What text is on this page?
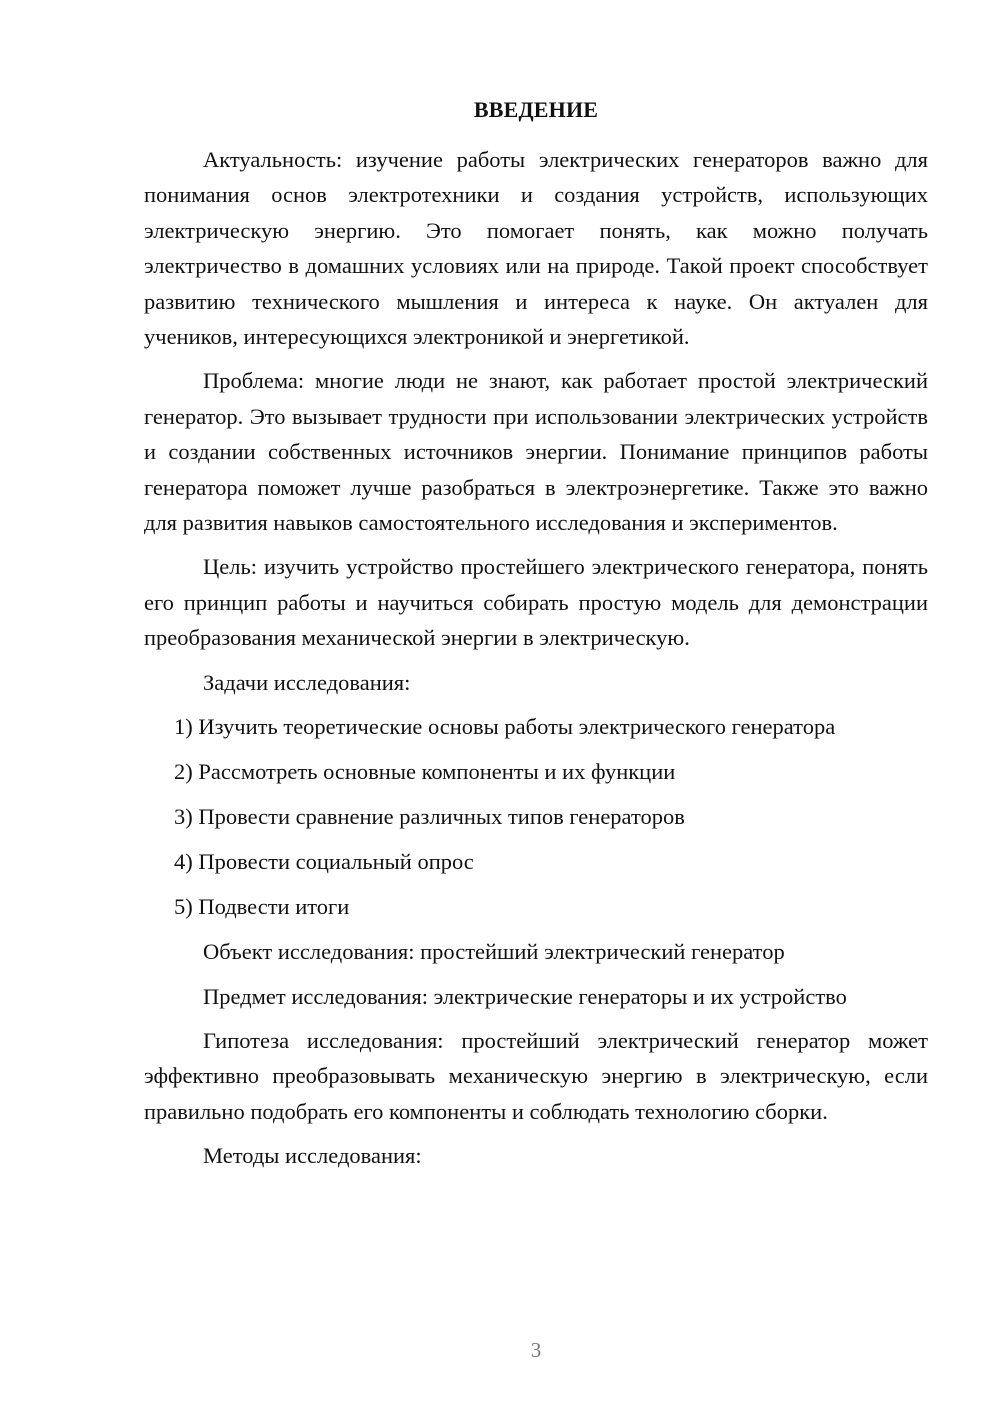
ВВЕДЕНИЕ

Актуальность: изучение работы электрических генераторов важно для понимания основ электротехники и создания устройств, использующих электрическую энергию. Это помогает понять, как можно получать электричество в домашних условиях или на природе. Такой проект способствует развитию технического мышления и интереса к науке. Он актуален для учеников, интересующихся электроникой и энергетикой.

Проблема: многие люди не знают, как работает простой электрический генератор. Это вызывает трудности при использовании электрических устройств и создании собственных источников энергии. Понимание принципов работы генератора поможет лучше разобраться в электроэнергетике. Также это важно для развития навыков самостоятельного исследования и экспериментов.

Цель: изучить устройство простейшего электрического генератора, понять его принцип работы и научиться собирать простую модель для демонстрации преобразования механической энергии в электрическую.

Задачи исследования:

1) Изучить теоретические основы работы электрического генератора
2) Рассмотреть основные компоненты и их функции
3) Провести сравнение различных типов генераторов
4) Провести социальный опрос
5) Подвести итоги

Объект исследования: простейший электрический генератор

Предмет исследования: электрические генераторы и их устройство

Гипотеза исследования: простейший электрический генератор может эффективно преобразовывать механическую энергию в электрическую, если правильно подобрать его компоненты и соблюдать технологию сборки.

Методы исследования:

3
